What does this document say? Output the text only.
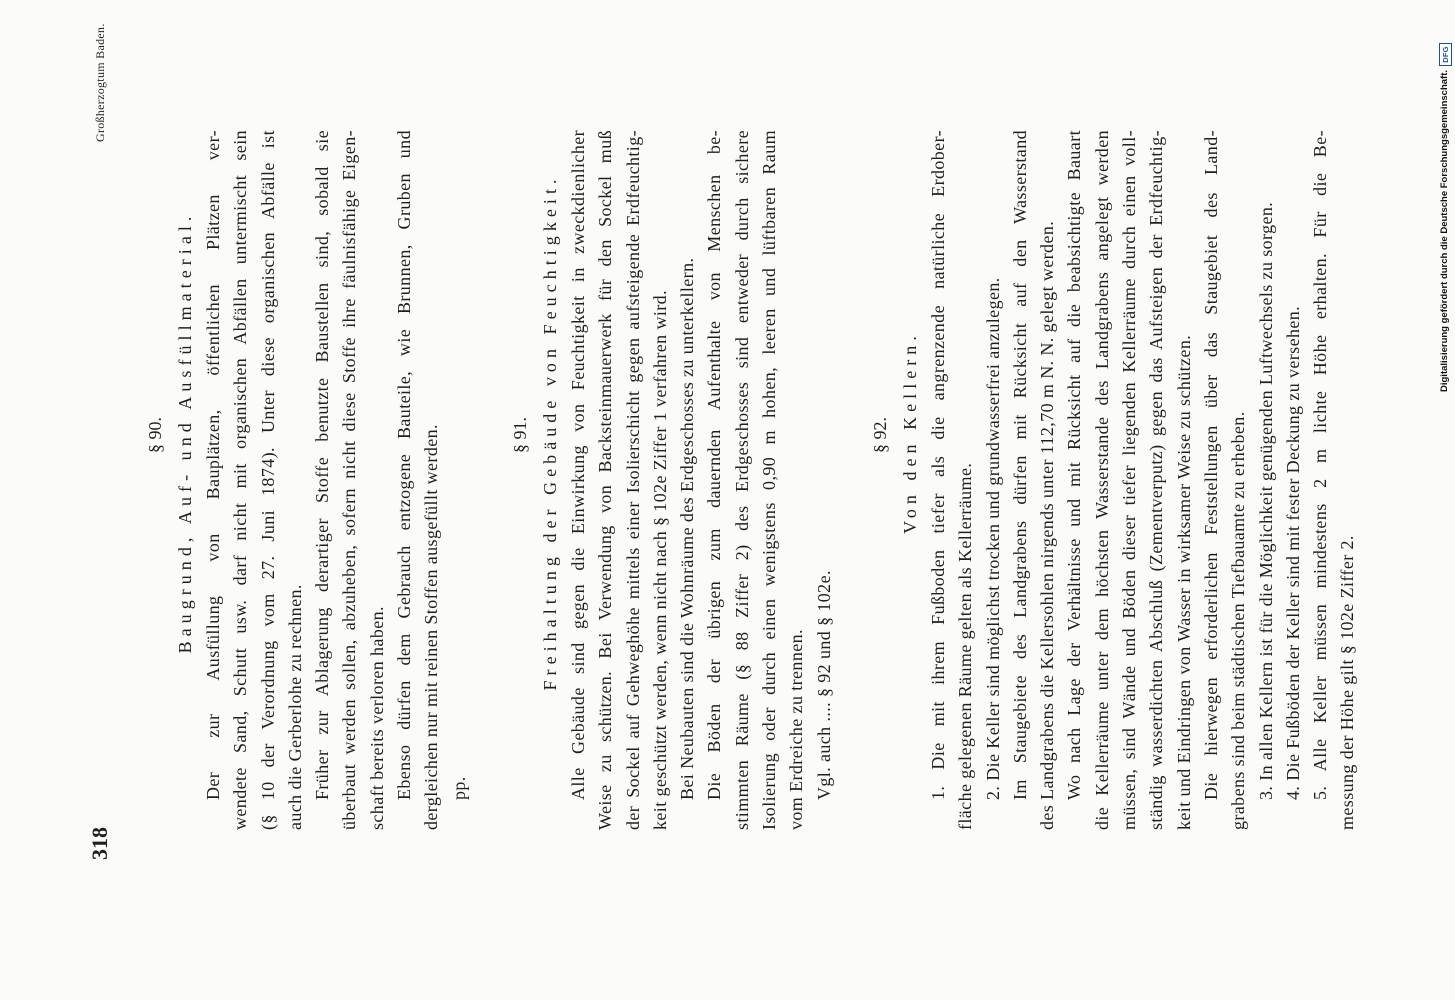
318
Großherzogtum Baden.
§ 90. Baugrund, Auf- und Ausfüllmaterial. Der zur Ausfüllung von Bauplätzen, öffentlichen Plätzen ver- wendete Sand, Schutt usw. darf nicht mit organischen Abfällen untermischt sein (§ 10 der Verordnung vom 27. Juni 1874). Unter diese organischen Abfälle ist auch die Gerberlohe zu rechnen. Früher zur Ablagerung derartiger Stoffe benutzte Baustellen sind, sobald sie überbaut werden sollen, abzuheben, sofern nicht diese Stoffe ihre fäulnisfähige Eigen- schaft bereits verloren haben. Ebenso dürfen dem Gebrauch entzogene Bauteile, wie Brunnen, Gruben und dergleichen nur mit reinen Stoffen ausgefüllt werden. pp.
§ 91. Freihaltung der Gebäude von Feuchtigkeit. Alle Gebäude sind gegen die Einwirkung von Feuchtigkeit in zweckdienlicher Weise zu schützen. Bei Verwendung von Backsteinmauerwerk für den Sockel muß der Sockel auf Gehweghöhe mittels einer Isolierschicht gegen aufsteigende Erdfeuchtig- keit geschützt werden, wenn nicht nach § 102e Ziffer 1 verfahren wird. Bei Neubauten sind die Wohnräume des Erdgeschosses zu unterkellern. Die Böden der übrigen zum dauernden Aufenthalte von Menschen be- stimmten Räume (§ 88 Ziffer 2) des Erdgeschosses sind entweder durch sichere Isolierung oder durch einen wenigstens 0,90 m hohen, leeren und lüftbaren Raum vom Erdreiche zu trennen. Vgl. auch .... § 92 und § 102e.
§ 92. Von den Kellern. 1. Die mit ihrem Fußboden tiefer als die angrenzende natürliche Erdober- fläche gelegenen Räume gelten als Kellerräume. 2. Die Keller sind möglichst trocken und grundwasserfrei anzulegen. Im Staugebiete des Landgrabens dürfen mit Rücksicht auf den Wasserstand des Landgrabens die Kellersohlen nirgends unter 112,70 m N. N. gelegt werden. Wo nach Lage der Verhältnisse und mit Rücksicht auf die beabsichtigte Bauart die Kellerräume unter dem höchsten Wasserstande des Landgrabens angelegt werden müssen, sind Wände und Böden dieser tiefer liegenden Kellerräume durch einen voll- ständig wasserdichten Abschluß (Zementverputz) gegen das Aufsteigen der Erdfeuchtig- keit und Eindringen von Wasser in wirksamer Weise zu schützen. Die hierwegen erforderlichen Feststellungen über das Staugebiet des Land- grabens sind beim städtischen Tiefbauamte zu erheben. 3. In allen Kellern ist für die Möglichkeit genügenden Luftwechsels zu sorgen. 4. Die Fußböden der Keller sind mit fester Deckung zu versehen. 5. Alle Keller müssen mindestens 2 m lichte Höhe erhalten. Für die Be- messung der Höhe gilt § 102e Ziffer 2.
Digitalisierung gefördert durch die Deutsche Forschungsgemeinschaft.
DFG
